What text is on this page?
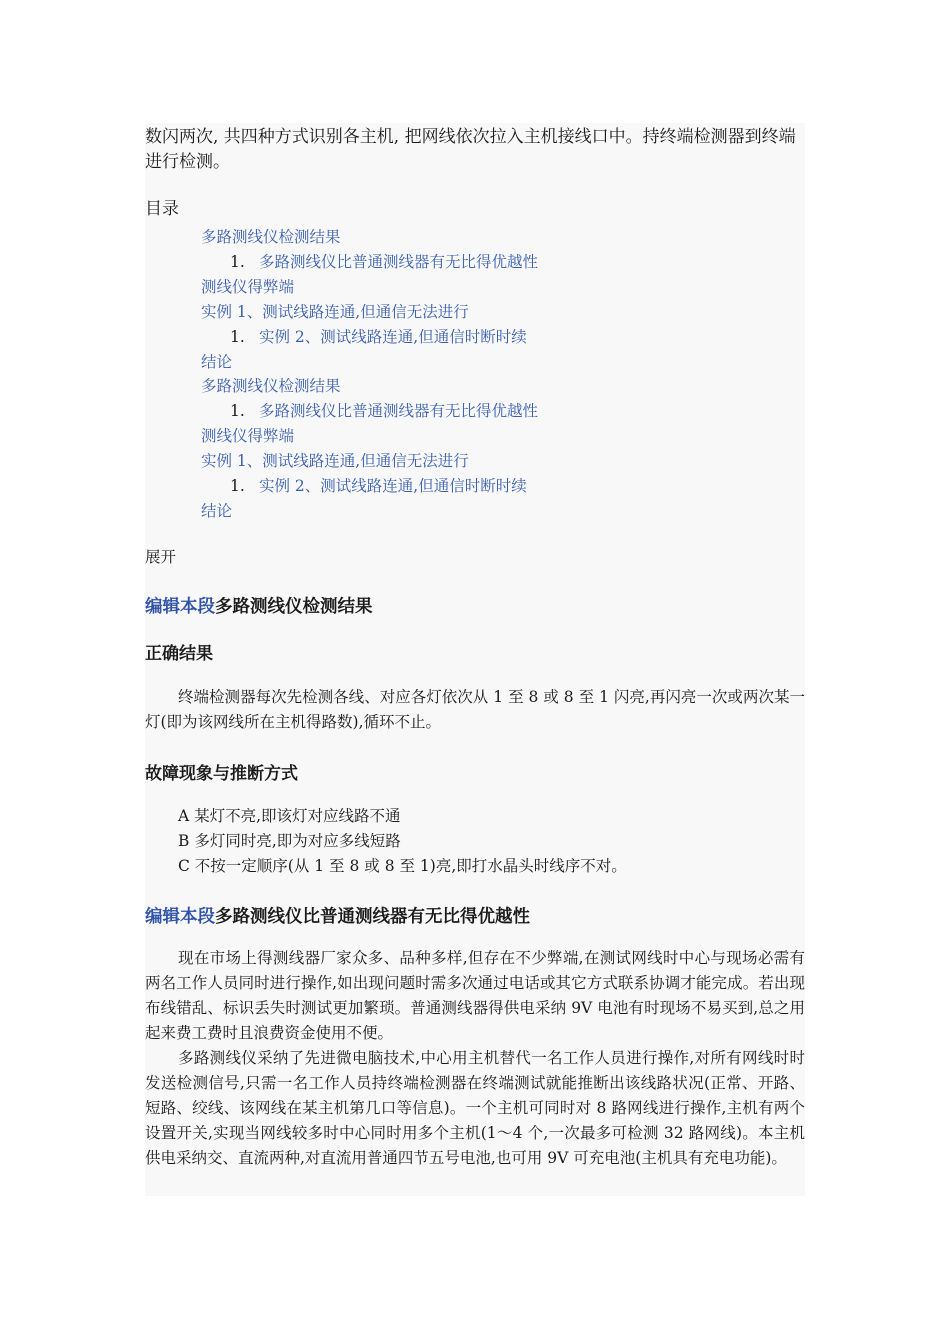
数闪两次, 共四种方式识别各主机, 把网线依次拉入主机接线口中。持终端检测器到终端进行检测。

目录

多路测线仪检测结果
1. 多路测线仪比普通测线器有无比得优越性
测线仪得弊端
实例 1、测试线路连通,但通信无法进行
1. 实例 2、测试线路连通,但通信时断时续
结论
多路测线仪检测结果
1. 多路测线仪比普通测线器有无比得优越性
测线仪得弊端
实例 1、测试线路连通,但通信无法进行
1. 实例 2、测试线路连通,但通信时断时续
结论
展开
编辑本段多路测线仪检测结果
正确结果

终端检测器每次先检测各线、对应各灯依次从 1 至 8 或 8 至 1 闪亮,再闪亮一次或两次某一灯(即为该网线所在主机得路数),循环不止。

故障现象与推断方式
A 某灯不亮,即该灯对应线路不通
B 多灯同时亮,即为对应多线短路
C 不按一定顺序(从 1 至 8 或 8 至 1)亮,即打水晶头时线序不对。
编辑本段多路测线仪比普通测线器有无比得优越性

现在市场上得测线器厂家众多、品种多样,但存在不少弊端,在测试网线时中心与现场必需有两名工作人员同时进行操作,如出现问题时需多次通过电话或其它方式联系协调才能完成。若出现布线错乱、标识丢失时测试更加繁琐。普通测线器得供电采纳 9V 电池有时现场不易买到,总之用起来费工费时且浪费资金使用不便。

多路测线仪采纳了先进微电脑技术,中心用主机替代一名工作人员进行操作,对所有网线时时发送检测信号,只需一名工作人员持终端检测器在终端测试就能推断出该线路状况(正常、开路、短路、绞线、该网线在某主机第几口等信息)。一个主机可同时对 8 路网线进行操作,主机有两个设置开关,实现当网线较多时中心同时用多个主机(1～4 个,一次最多可检测 32 路网线)。本主机供电采纳交、直流两种,对直流用普通四节五号电池,也可用 9V 可充电池(主机具有充电功能)。
